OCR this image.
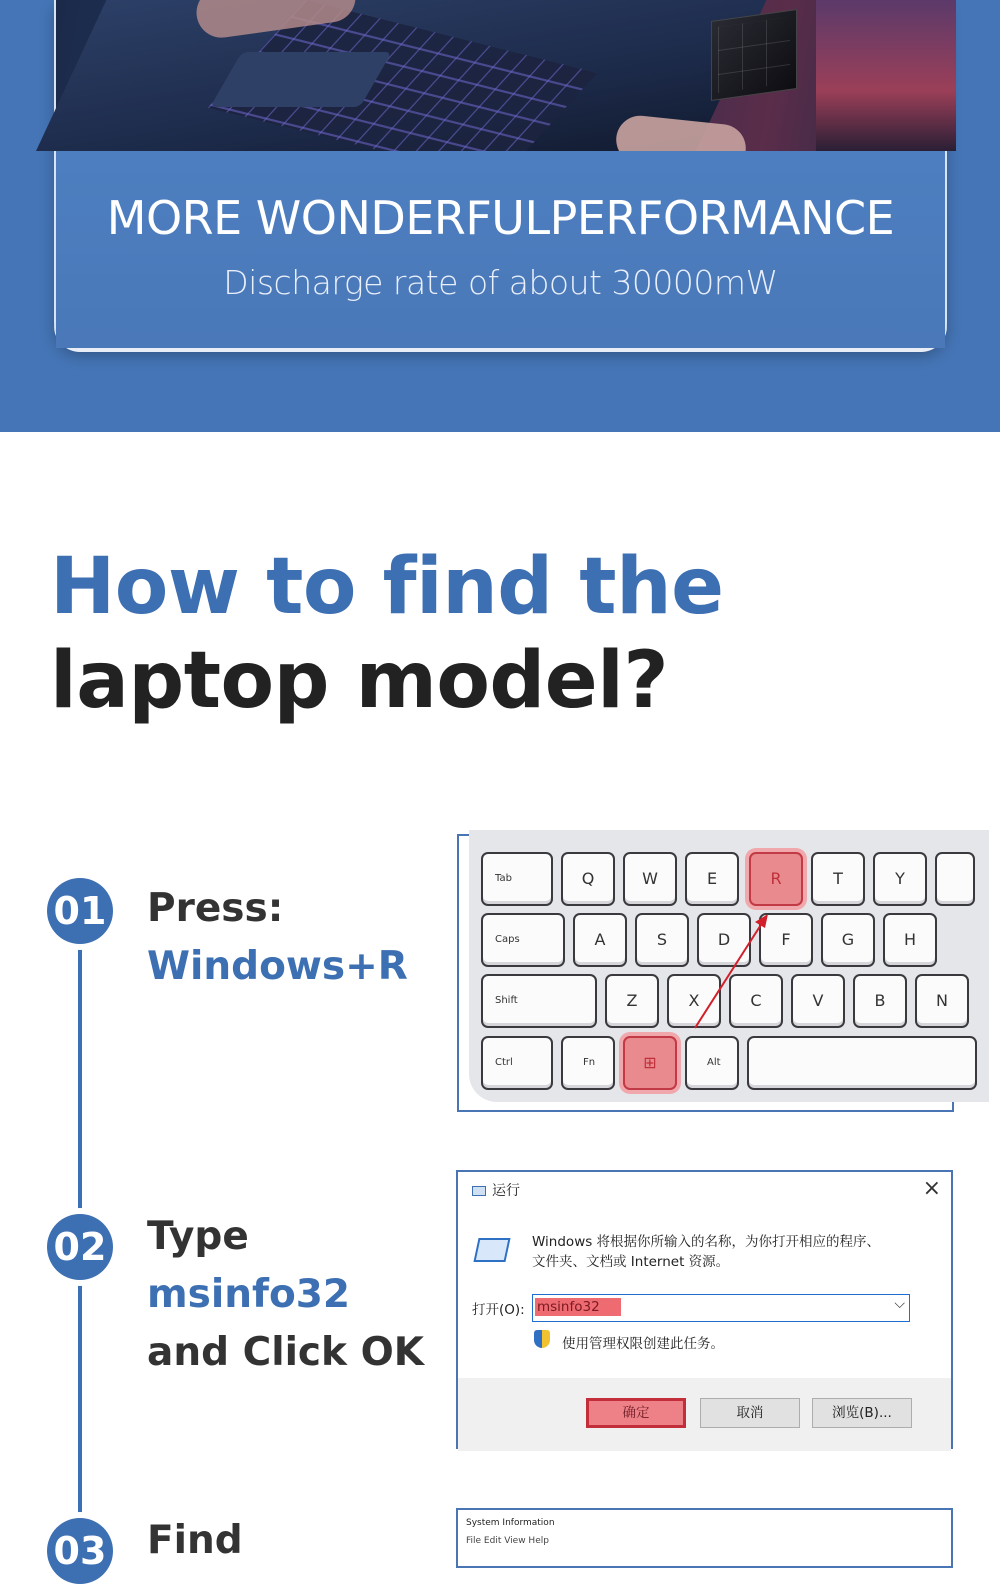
MORE WONDERFULPERFORMANCE
Discharge rate of about 30000mW
How to find the
laptop model?
01 Press:
Windows+R
02 Type
msinfo32
and Click OK
03 Find
Tab	Q	W	E	R	T	Y
Caps	A	S	D	F	G	H
Shift	Z	X	C	V	B	N
Ctrl	Fn	⊞	Alt
运行	×
Windows 将根据你所输入的名称，为你打开相应的程序、
文件夹、文档或 Internet 资源。
打开(O): msinfo32	⌵
使用管理权限创建此任务。
确定	取消	浏览(B)...
System Information
File Edit View Help
